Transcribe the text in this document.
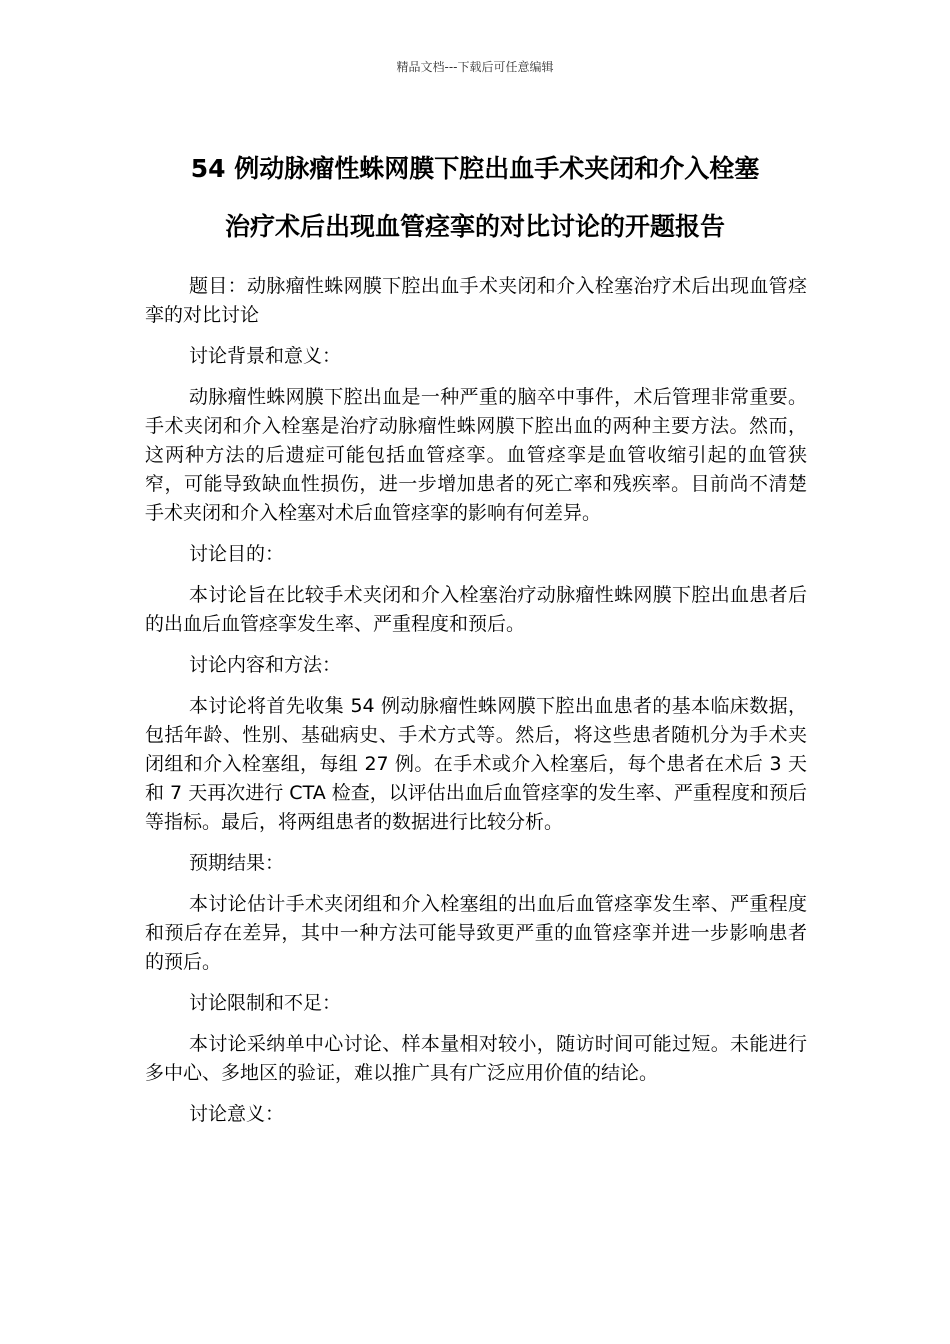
精品文档---下载后可任意编辑
54 例动脉瘤性蛛网膜下腔出血手术夹闭和介入栓塞
治疗术后出现血管痉挛的对比讨论的开题报告

题目：动脉瘤性蛛网膜下腔出血手术夹闭和介入栓塞治疗术后出现血管痉挛的对比讨论

讨论背景和意义：

动脉瘤性蛛网膜下腔出血是一种严重的脑卒中事件，术后管理非常重要。手术夹闭和介入栓塞是治疗动脉瘤性蛛网膜下腔出血的两种主要方法。然而，这两种方法的后遗症可能包括血管痉挛。血管痉挛是血管收缩引起的血管狭窄，可能导致缺血性损伤，进一步增加患者的死亡率和残疾率。目前尚不清楚手术夹闭和介入栓塞对术后血管痉挛的影响有何差异。

讨论目的：

本讨论旨在比较手术夹闭和介入栓塞治疗动脉瘤性蛛网膜下腔出血患者后的出血后血管痉挛发生率、严重程度和预后。

讨论内容和方法：

本讨论将首先收集 54 例动脉瘤性蛛网膜下腔出血患者的基本临床数据，包括年龄、性别、基础病史、手术方式等。然后，将这些患者随机分为手术夹闭组和介入栓塞组，每组 27 例。在手术或介入栓塞后，每个患者在术后 3 天和 7 天再次进行 CTA 检查，以评估出血后血管痉挛的发生率、严重程度和预后等指标。最后，将两组患者的数据进行比较分析。

预期结果：

本讨论估计手术夹闭组和介入栓塞组的出血后血管痉挛发生率、严重程度和预后存在差异，其中一种方法可能导致更严重的血管痉挛并进一步影响患者的预后。

讨论限制和不足：

本讨论采纳单中心讨论、样本量相对较小，随访时间可能过短。未能进行多中心、多地区的验证，难以推广具有广泛应用价值的结论。

讨论意义：
